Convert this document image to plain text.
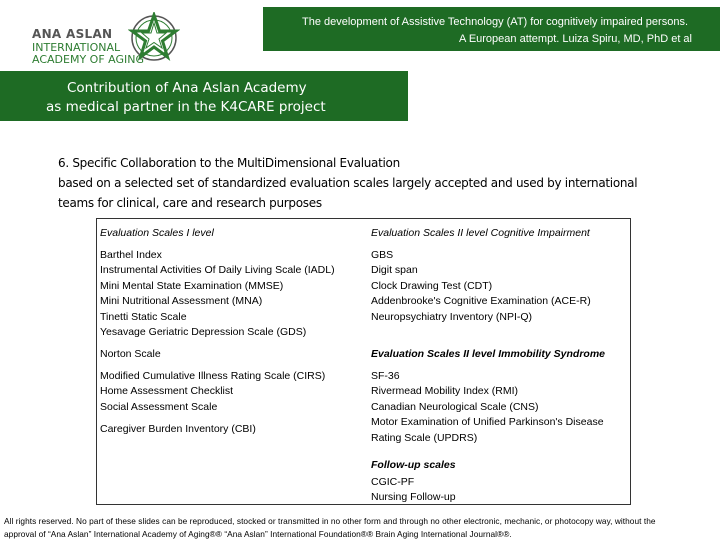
ANA ASLAN
INTERNATIONAL
ACADEMY OF AGING
The development of Assistive Technology (AT) for cognitively impaired persons.
A European attempt. Luiza Spiru, MD, PhD et al
Contribution of Ana Aslan Academy
as medical partner in the K4CARE project
6. Specific Collaboration to the MultiDimensional Evaluation
based on a selected set of standardized evaluation scales largely accepted and used by international
teams for clinical, care and research purposes
Evaluation Scales I level
Barthel Index
Instrumental Activities Of Daily Living Scale (IADL)
Mini Mental State Examination (MMSE)
Mini Nutritional Assessment (MNA)
Tinetti Static Scale
Yesavage Geriatric Depression Scale (GDS)
Norton Scale
Modified Cumulative Illness Rating Scale (CIRS)
Home Assessment Checklist
Social Assessment Scale
Caregiver Burden Inventory (CBI)
Evaluation Scales II level Cognitive Impairment
GBS
Digit span
Clock Drawing Test (CDT)
Addenbrooke's Cognitive Examination (ACE-R)
Neuropsychiatry Inventory (NPI-Q)
Evaluation Scales II level Immobility Syndrome
SF-36
Rivermead Mobility Index (RMI)
Canadian Neurological Scale (CNS)
Motor Examination of Unified Parkinson's Disease
Rating Scale (UPDRS)
Follow-up scales
CGIC-PF
Nursing Follow-up
All rights reserved. No part of these slides can be reproduced, stocked or transmitted in no other form and through no other electronic, mechanic, or photocopy way, without the
approval of “Ana Aslan” International Academy of Aging®® “Ana Aslan” International Foundation®® Brain Aging International Journal®®.
